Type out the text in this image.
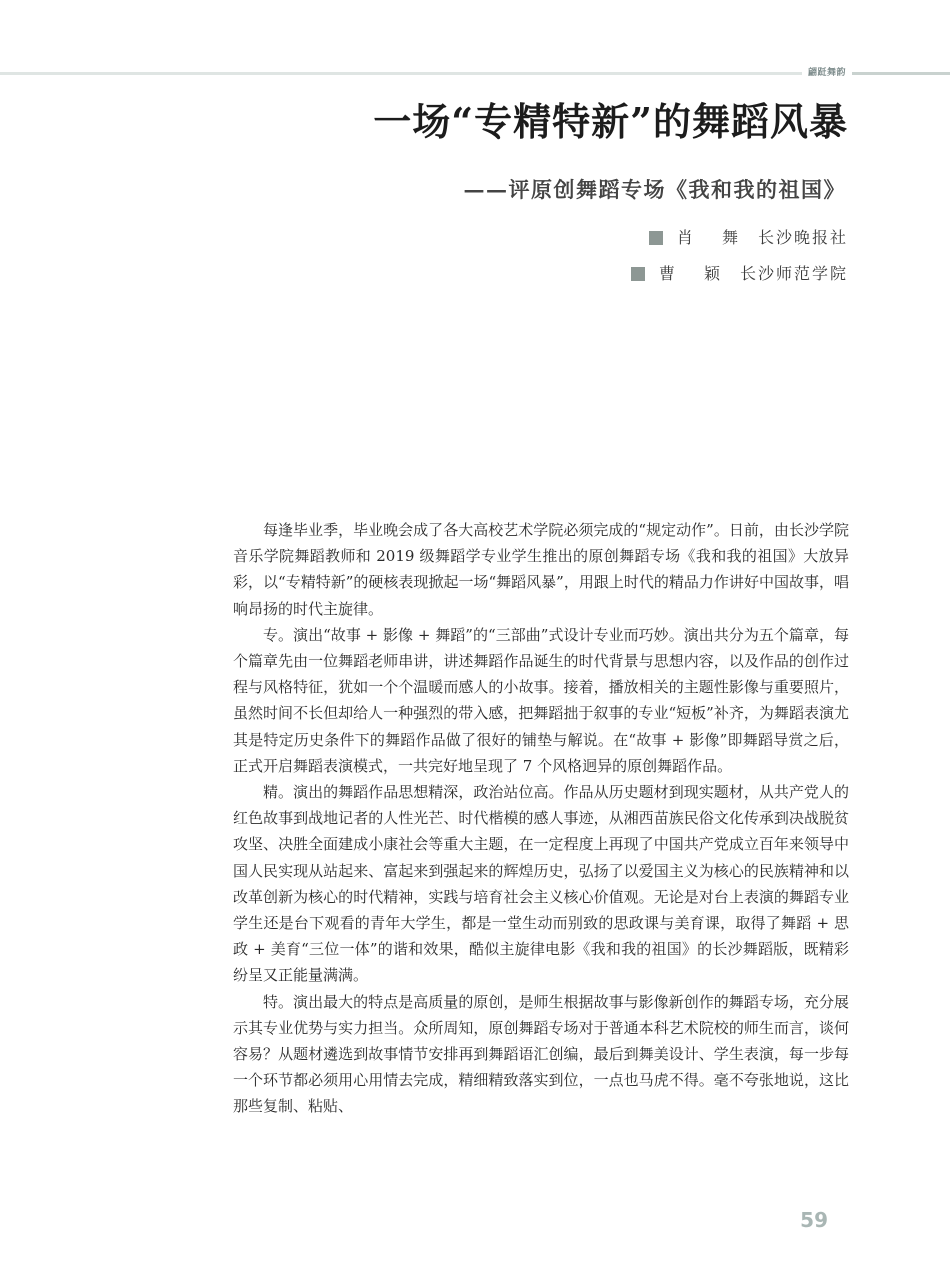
翩跹舞韵
一场“专精特新”的舞蹈风暴
——评原创舞蹈专场《我和我的祖国》
肖 舞 长沙晚报社
曹 颖 长沙师范学院

每逢毕业季，毕业晚会成了各大高校艺术学院必须完成的“规定动作”。日前，由长沙学院音乐学院舞蹈教师和 2019 级舞蹈学专业学生推出的原创舞蹈专场《我和我的祖国》大放异彩，以“专精特新”的硬核表现掀起一场“舞蹈风暴”，用跟上时代的精品力作讲好中国故事，唱响昂扬的时代主旋律。

专。演出“故事 + 影像 + 舞蹈”的“三部曲”式设计专业而巧妙。演出共分为五个篇章，每个篇章先由一位舞蹈老师串讲，讲述舞蹈作品诞生的时代背景与思想内容，以及作品的创作过程与风格特征，犹如一个个温暖而感人的小故事。接着，播放相关的主题性影像与重要照片，虽然时间不长但却给人一种强烈的带入感，把舞蹈拙于叙事的专业“短板”补齐，为舞蹈表演尤其是特定历史条件下的舞蹈作品做了很好的铺垫与解说。在“故事 + 影像”即舞蹈导赏之后，正式开启舞蹈表演模式，一共完好地呈现了 7 个风格迥异的原创舞蹈作品。

精。演出的舞蹈作品思想精深，政治站位高。作品从历史题材到现实题材，从共产党人的红色故事到战地记者的人性光芒、时代楷模的感人事迹，从湘西苗族民俗文化传承到决战脱贫攻坚、决胜全面建成小康社会等重大主题，在一定程度上再现了中国共产党成立百年来领导中国人民实现从站起来、富起来到强起来的辉煌历史，弘扬了以爱国主义为核心的民族精神和以改革创新为核心的时代精神，实践与培育社会主义核心价值观。无论是对台上表演的舞蹈专业学生还是台下观看的青年大学生，都是一堂生动而别致的思政课与美育课，取得了舞蹈 + 思政 + 美育“三位一体”的谐和效果，酷似主旋律电影《我和我的祖国》的长沙舞蹈版，既精彩纷呈又正能量满满。

特。演出最大的特点是高质量的原创，是师生根据故事与影像新创作的舞蹈专场，充分展示其专业优势与实力担当。众所周知，原创舞蹈专场对于普通本科艺术院校的师生而言，谈何容易？从题材遴选到故事情节安排再到舞蹈语汇创编，最后到舞美设计、学生表演，每一步每一个环节都必须用心用情去完成，精细精致落实到位，一点也马虎不得。毫不夸张地说，这比那些复制、粘贴、

59
